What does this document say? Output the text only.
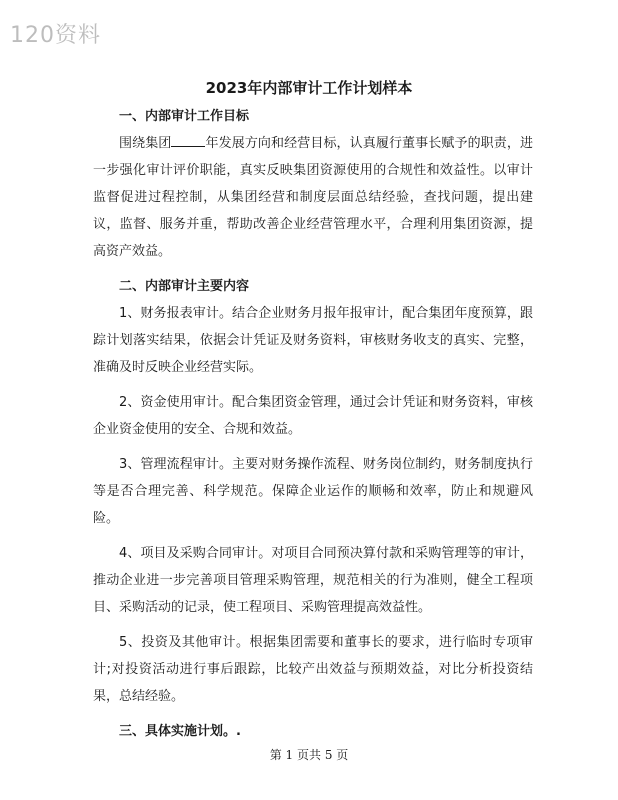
120资料
2023年内部审计工作计划样本
一、内部审计工作目标
围绕集团	年发展方向和经营目标，认真履行董事长赋予的职责，进一步强化审计评价职能，真实反映集团资源使用的合规性和效益性。以审计监督促进过程控制，从集团经营和制度层面总结经验，查找问题，提出建议，监督、服务并重，帮助改善企业经营管理水平，合理利用集团资源，提高资产效益。
二、内部审计主要内容
1、财务报表审计。结合企业财务月报年报审计，配合集团年度预算，跟踪计划落实结果，依据会计凭证及财务资料，审核财务收支的真实、完整，准确及时反映企业经营实际。
2、资金使用审计。配合集团资金管理，通过会计凭证和财务资料，审核企业资金使用的安全、合规和效益。
3、管理流程审计。主要对财务操作流程、财务岗位制约，财务制度执行等是否合理完善、科学规范。保障企业运作的顺畅和效率，防止和规避风险。
4、项目及采购合同审计。对项目合同预决算付款和采购管理等的审计，推动企业进一步完善项目管理采购管理，规范相关的行为准则，健全工程项目、采购活动的记录，使工程项目、采购管理提高效益性。
5、投资及其他审计。根据集团需要和董事长的要求，进行临时专项审计;对投资活动进行事后跟踪，比较产出效益与预期效益，对比分析投资结果，总结经验。
三、具体实施计划。.
第 1 页共 5 页
